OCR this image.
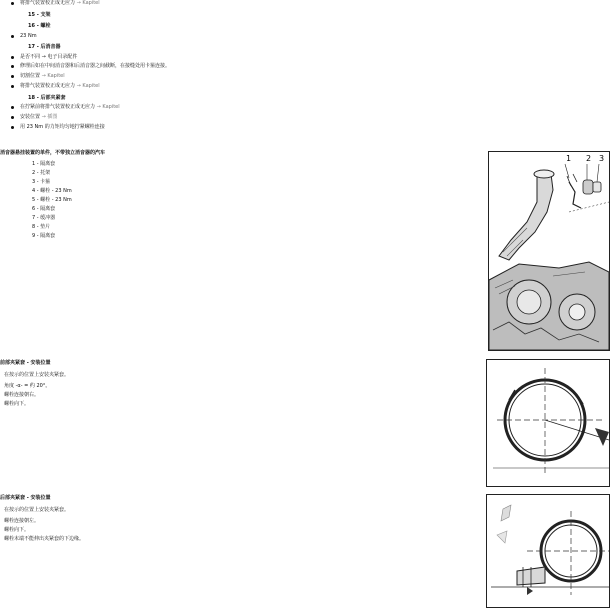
将排气装置校正成无应力 → Kapitel
15 - 支架
16 - 螺栓
23 Nm
17 - 后消音器
是否不同 → 电子目录配件
修理后如在中间消音器和后消音器之间截断，在接缝处用卡箍连接。
切割位置 → Kapitel
将排气装置校正成无应力 → Kapitel
18 - 后部夹紧套
在拧紧前将排气装置校正成无应力 → Kapitel
安装位置 → 插图
用 23 Nm 的力矩均匀地拧紧螺栓连接
消音器悬挂装置的单件，不带独立消音器的汽车
1 - 隔离套
2 - 托架
3 - 卡箍
4 - 螺栓 - 23 Nm
5 - 螺栓 - 23 Nm
6 - 隔离套
7 - 缓冲器
8 - 垫片
9 - 隔离套
1 2 3
前部夹紧套 - 安装位置
在按示的位置上安装夹紧套。
角度 -α- = 约 20°。
螺栓连接朝右。
螺栓向下。
后部夹紧套 - 安装位置
在按示的位置上安装夹紧套。
螺栓连接朝左。
螺栓向下。
螺栓末端不能伸出夹紧套的下边缘。
